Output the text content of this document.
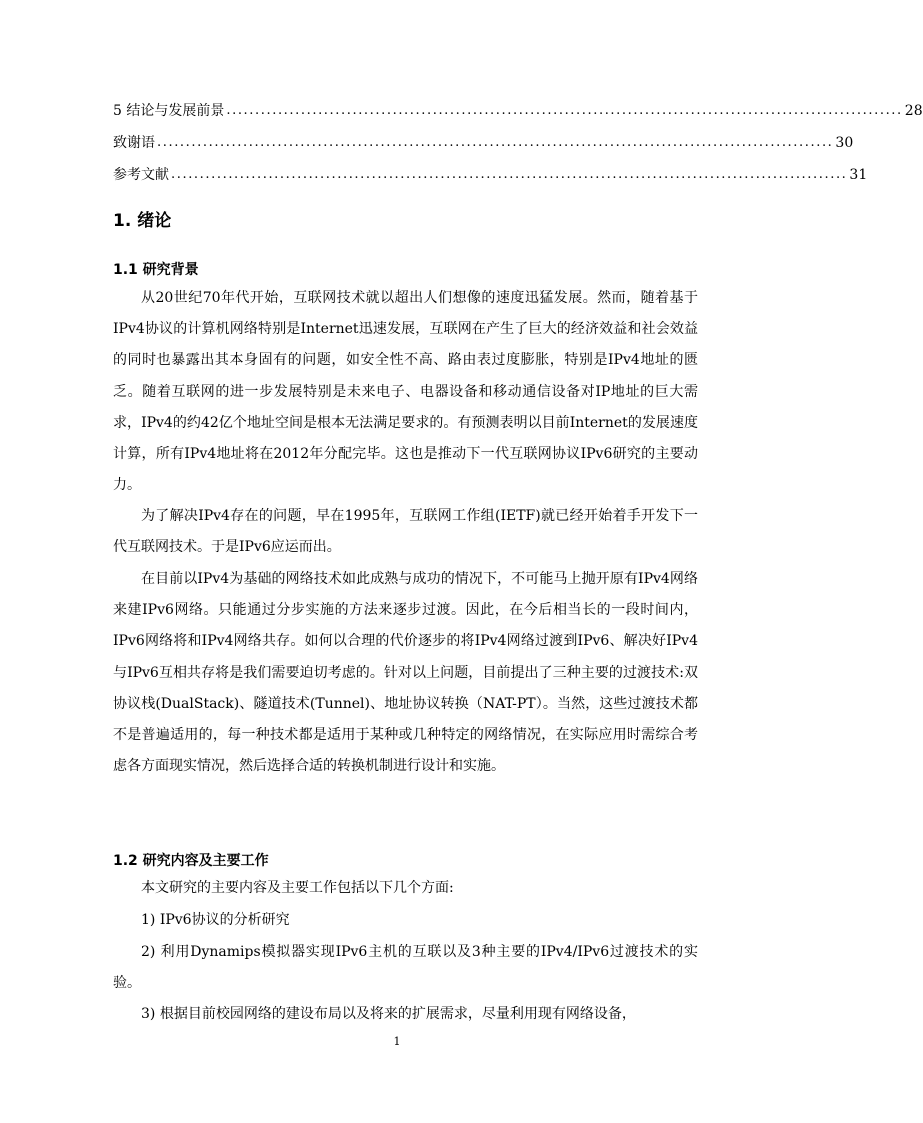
5 结论与发展前景 ...................................................................................................................... 28
致谢语 ...................................................................................................................... 30
参考文献 ...................................................................................................................... 31
1. 绪论
1.1 研究背景
从20世纪70年代开始，互联网技术就以超出人们想像的速度迅猛发展。然而，随着基于IPv4协议的计算机网络特别是Internet迅速发展，互联网在产生了巨大的经济效益和社会效益的同时也暴露出其本身固有的问题，如安全性不高、路由表过度膨胀，特别是IPv4地址的匮乏。随着互联网的进一步发展特别是未来电子、电器设备和移动通信设备对IP地址的巨大需求，IPv4的约42亿个地址空间是根本无法满足要求的。有预测表明以目前Internet的发展速度计算，所有IPv4地址将在2012年分配完毕。这也是推动下一代互联网协议IPv6研究的主要动力。
为了解决IPv4存在的问题，早在1995年，互联网工作组(IETF)就已经开始着手开发下一代互联网技术。于是IPv6应运而出。
在目前以IPv4为基础的网络技术如此成熟与成功的情况下，不可能马上抛开原有IPv4网络来建IPv6网络。只能通过分步实施的方法来逐步过渡。因此，在今后相当长的一段时间内，IPv6网络将和IPv4网络共存。如何以合理的代价逐步的将IPv4网络过渡到IPv6、解决好IPv4与IPv6互相共存将是我们需要迫切考虑的。针对以上问题，目前提出了三种主要的过渡技术:双协议栈(DualStack)、隧道技术(Tunnel)、地址协议转换（NAT-PT）。当然，这些过渡技术都不是普遍适用的，每一种技术都是适用于某种或几种特定的网络情况，在实际应用时需综合考虑各方面现实情况，然后选择合适的转换机制进行设计和实施。
1.2 研究内容及主要工作
本文研究的主要内容及主要工作包括以下几个方面:
1) IPv6协议的分析研究
2) 利用Dynamips模拟器实现IPv6主机的互联以及3种主要的IPv4/IPv6过渡技术的实验。
3) 根据目前校园网络的建设布局以及将来的扩展需求，尽量利用现有网络设备，
1
